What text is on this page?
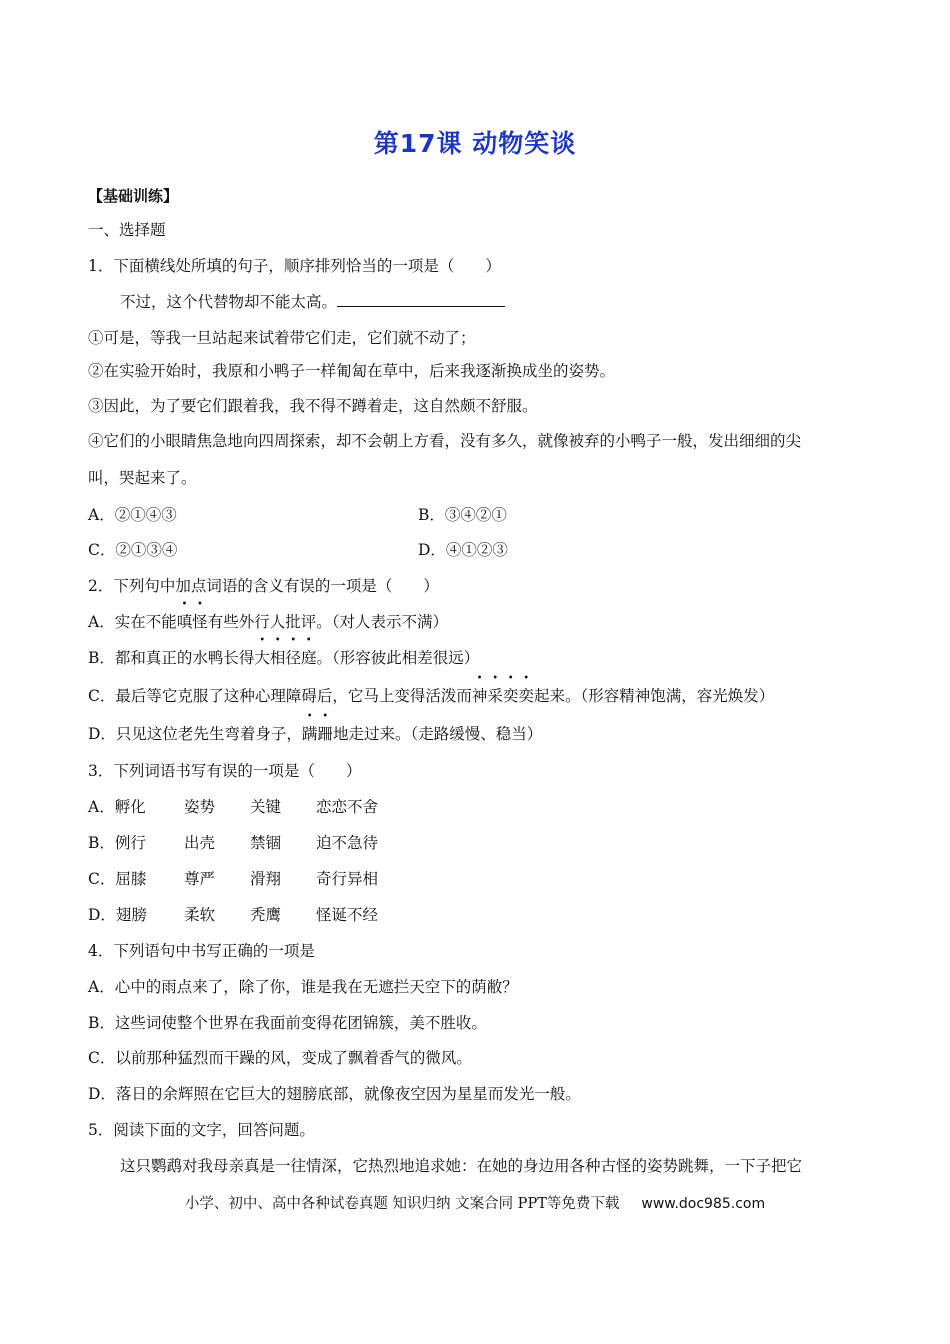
第17课 动物笑谈
【基础训练】
一、选择题
1．下面横线处所填的句子，顺序排列恰当的一项是（　　）
不过，这个代替物却不能太高。
①可是，等我一旦站起来试着带它们走，它们就不动了；
②在实验开始时，我原和小鸭子一样匍匐在草中，后来我逐渐换成坐的姿势。
③因此，为了要它们跟着我，我不得不蹲着走，这自然颇不舒服。
④它们的小眼睛焦急地向四周探索，却不会朝上方看，没有多久，就像被弃的小鸭子一般，发出细细的尖
叫，哭起来了。
A．②①④③	B．③④②①
C．②①③④	D．④①②③
2．下列句中加点词语的含义有误的一项是（　　）
A．实在不能嗔怪有些外行人批评。（对人表示不满）
B．都和真正的水鸭长得大相径庭。（形容彼此相差很远）
C．最后等它克服了这种心理障碍后，它马上变得活泼而神采奕奕起来。（形容精神饱满，容光焕发）
D．只见这位老先生弯着身子，蹒跚地走过来。（走路缓慢、稳当）
3．下列词语书写有误的一项是（　　）
A．孵化 姿势 关键 恋恋不舍
B．例行 出壳 禁锢 迫不急待
C．屈膝 尊严 滑翔 奇行异相
D．翅膀 柔软 秃鹰 怪诞不经
4．下列语句中书写正确的一项是
A．心中的雨点来了，除了你，谁是我在无遮拦天空下的荫敝？
B．这些词使整个世界在我面前变得花团锦簇，美不胜收。
C．以前那种猛烈而干躁的风，变成了飘着香气的微风。
D．落日的余辉照在它巨大的翅膀底部，就像夜空因为星星而发光一般。
5．阅读下面的文字，回答问题。
这只鹦鹉对我母亲真是一往情深，它热烈地追求她：在她的身边用各种古怪的姿势跳舞，一下子把它
小学、初中、高中各种试卷真题 知识归纳 文案合同 PPT等免费下载 www.doc985.com
